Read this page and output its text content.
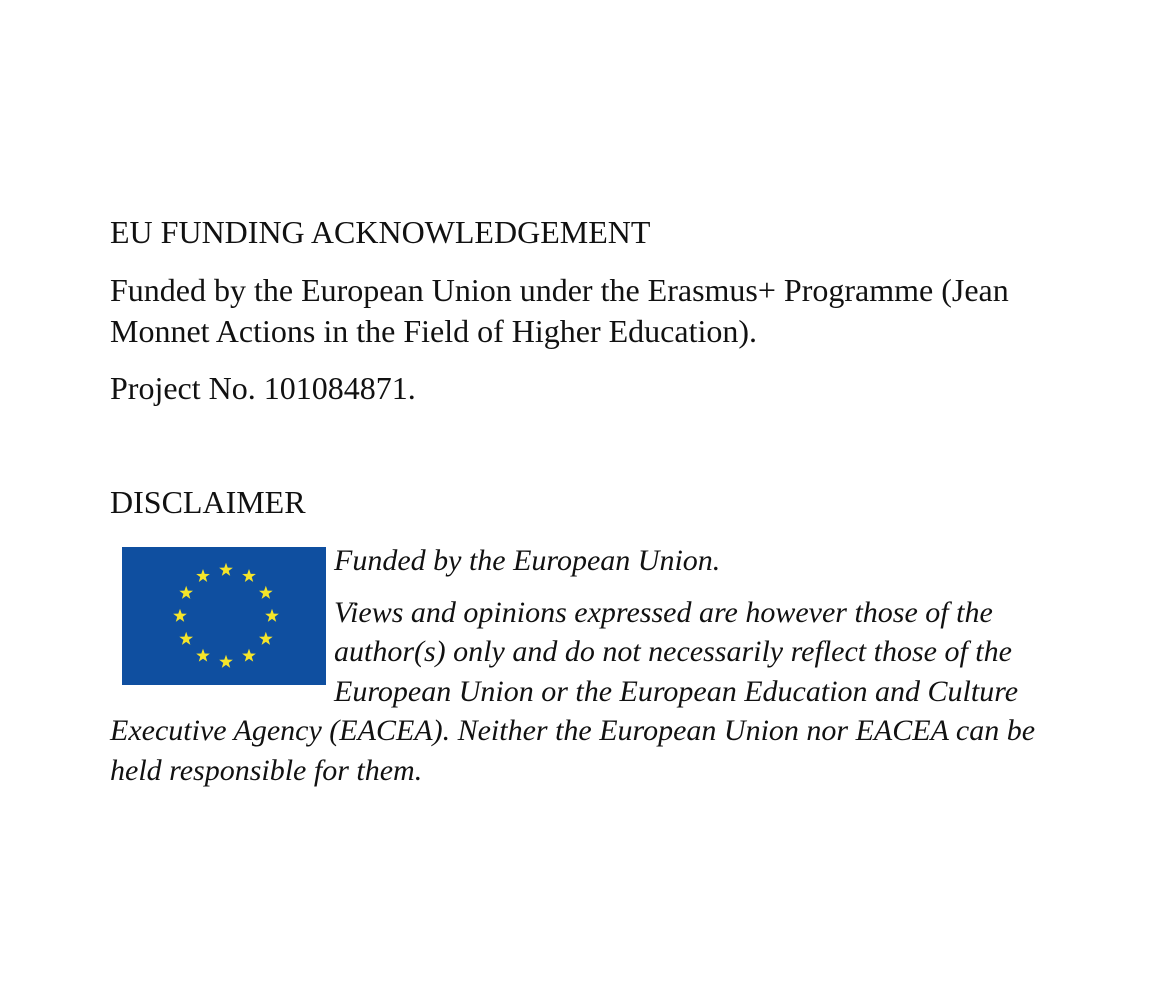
EU FUNDING ACKNOWLEDGEMENT

Funded by the European Union under the Erasmus+ Programme (Jean Monnet Actions in the Field of Higher Education).

Project No. 101084871.

DISCLAIMER

Funded by the European Union.

Views and opinions expressed are however those of the author(s) only and do not necessarily reflect those of the European Union or the European Education and Culture Executive Agency (EACEA). Neither the European Union nor EACEA can be held responsible for them.
